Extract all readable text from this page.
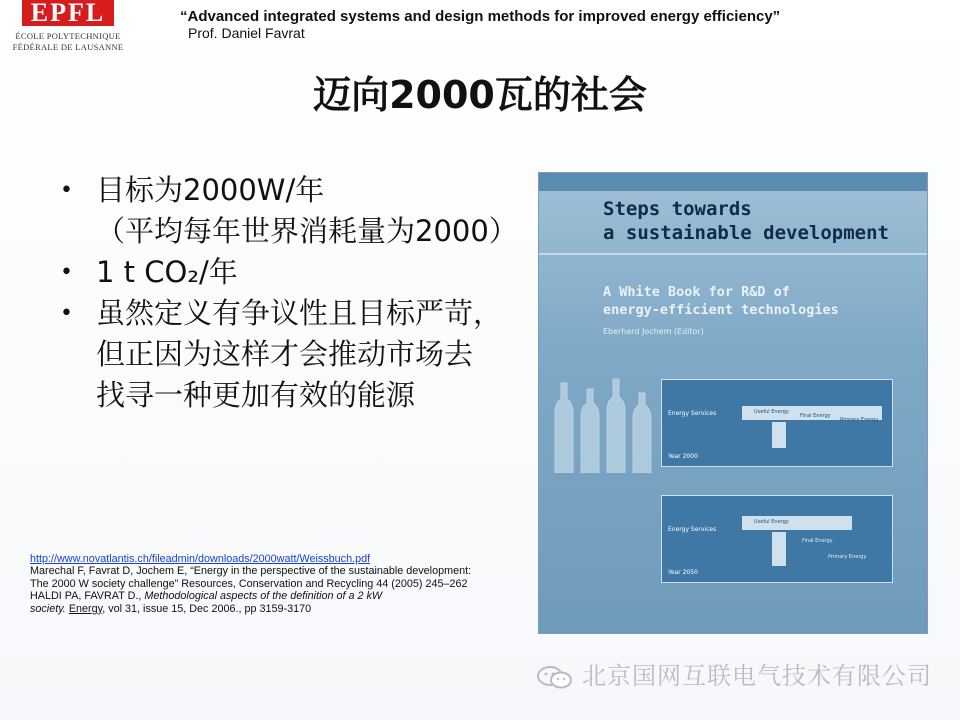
EPFL
ÉCOLE POLYTECHNIQUE
FÉDÉRALE DE LAUSANNE
“Advanced integrated systems and design methods for improved energy efficiency”
Prof. Daniel Favrat
迈向2000瓦的社会
• 目标为2000W/年
（平均每年世界消耗量为2000）
• 1 t CO₂/年
• 虽然定义有争议性且目标严苛，
但正因为这样才会推动市场去
找寻一种更加有效的能源
http://www.novatlantis.ch/fileadmin/downloads/2000watt/Weissbuch.pdf
Marechal F, Favrat D, Jochem E, “Energy in the perspective of the sustainable development:
The 2000 W society challenge” Resources, Conservation and Recycling 44 (2005) 245–262
HALDI PA, FAVRAT D., Methodological aspects of the definition of a 2 kW
society. Energy, vol 31, issue 15, Dec 2006., pp 3159-3170
Steps towards
a sustainable development
A White Book for R&D of
energy-efficient technologies
Eberhard Jochem (Editor)
Energy Services
Year 2000
Useful Energy
Final Energy
Primary Energy
Energy Services
Year 2050
Useful Energy
Final Energy
Primary Energy
北京国网互联电气技术有限公司
